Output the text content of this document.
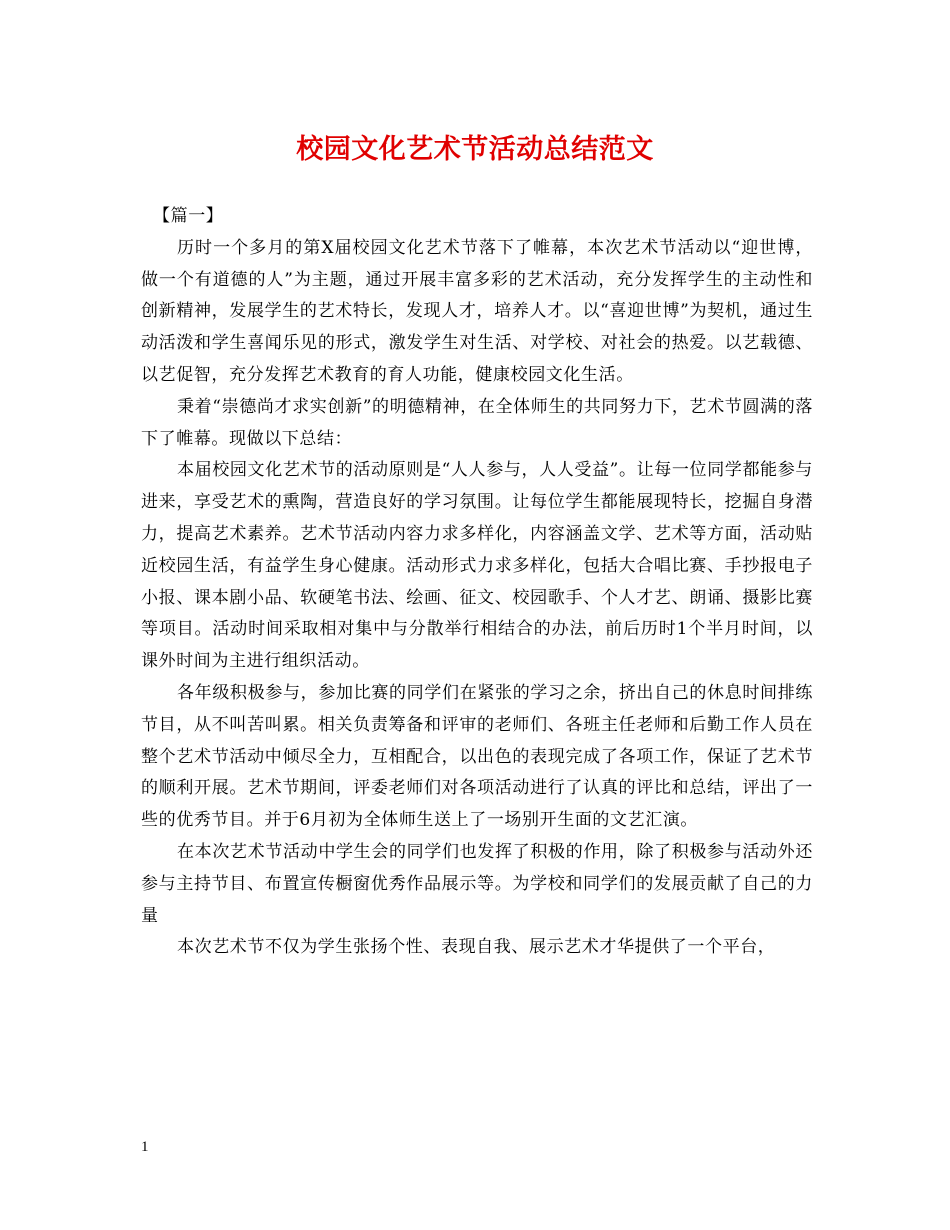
校园文化艺术节活动总结范文

【篇一】

历时一个多月的第X届校园文化艺术节落下了帷幕，本次艺术节活动以“迎世博，做一个有道德的人”为主题，通过开展丰富多彩的艺术活动，充分发挥学生的主动性和创新精神，发展学生的艺术特长，发现人才，培养人才。以“喜迎世博”为契机，通过生动活泼和学生喜闻乐见的形式，激发学生对生活、对学校、对社会的热爱。以艺载德、以艺促智，充分发挥艺术教育的育人功能，健康校园文化生活。

秉着“崇德尚才求实创新”的明德精神，在全体师生的共同努力下，艺术节圆满的落下了帷幕。现做以下总结：

本届校园文化艺术节的活动原则是“人人参与，人人受益”。让每一位同学都能参与进来，享受艺术的熏陶，营造良好的学习氛围。让每位学生都能展现特长，挖掘自身潜力，提高艺术素养。艺术节活动内容力求多样化，内容涵盖文学、艺术等方面，活动贴近校园生活，有益学生身心健康。活动形式力求多样化，包括大合唱比赛、手抄报电子小报、课本剧小品、软硬笔书法、绘画、征文、校园歌手、个人才艺、朗诵、摄影比赛等项目。活动时间采取相对集中与分散举行相结合的办法，前后历时1个半月时间，以课外时间为主进行组织活动。

各年级积极参与，参加比赛的同学们在紧张的学习之余，挤出自己的休息时间排练节目，从不叫苦叫累。相关负责筹备和评审的老师们、各班主任老师和后勤工作人员在整个艺术节活动中倾尽全力，互相配合，以出色的表现完成了各项工作，保证了艺术节的顺利开展。艺术节期间，评委老师们对各项活动进行了认真的评比和总结，评出了一些的优秀节目。并于6月初为全体师生送上了一场别开生面的文艺汇演。

在本次艺术节活动中学生会的同学们也发挥了积极的作用，除了积极参与活动外还参与主持节目、布置宣传橱窗优秀作品展示等。为学校和同学们的发展贡献了自己的力量

本次艺术节不仅为学生张扬个性、表现自我、展示艺术才华提供了一个平台，

1
